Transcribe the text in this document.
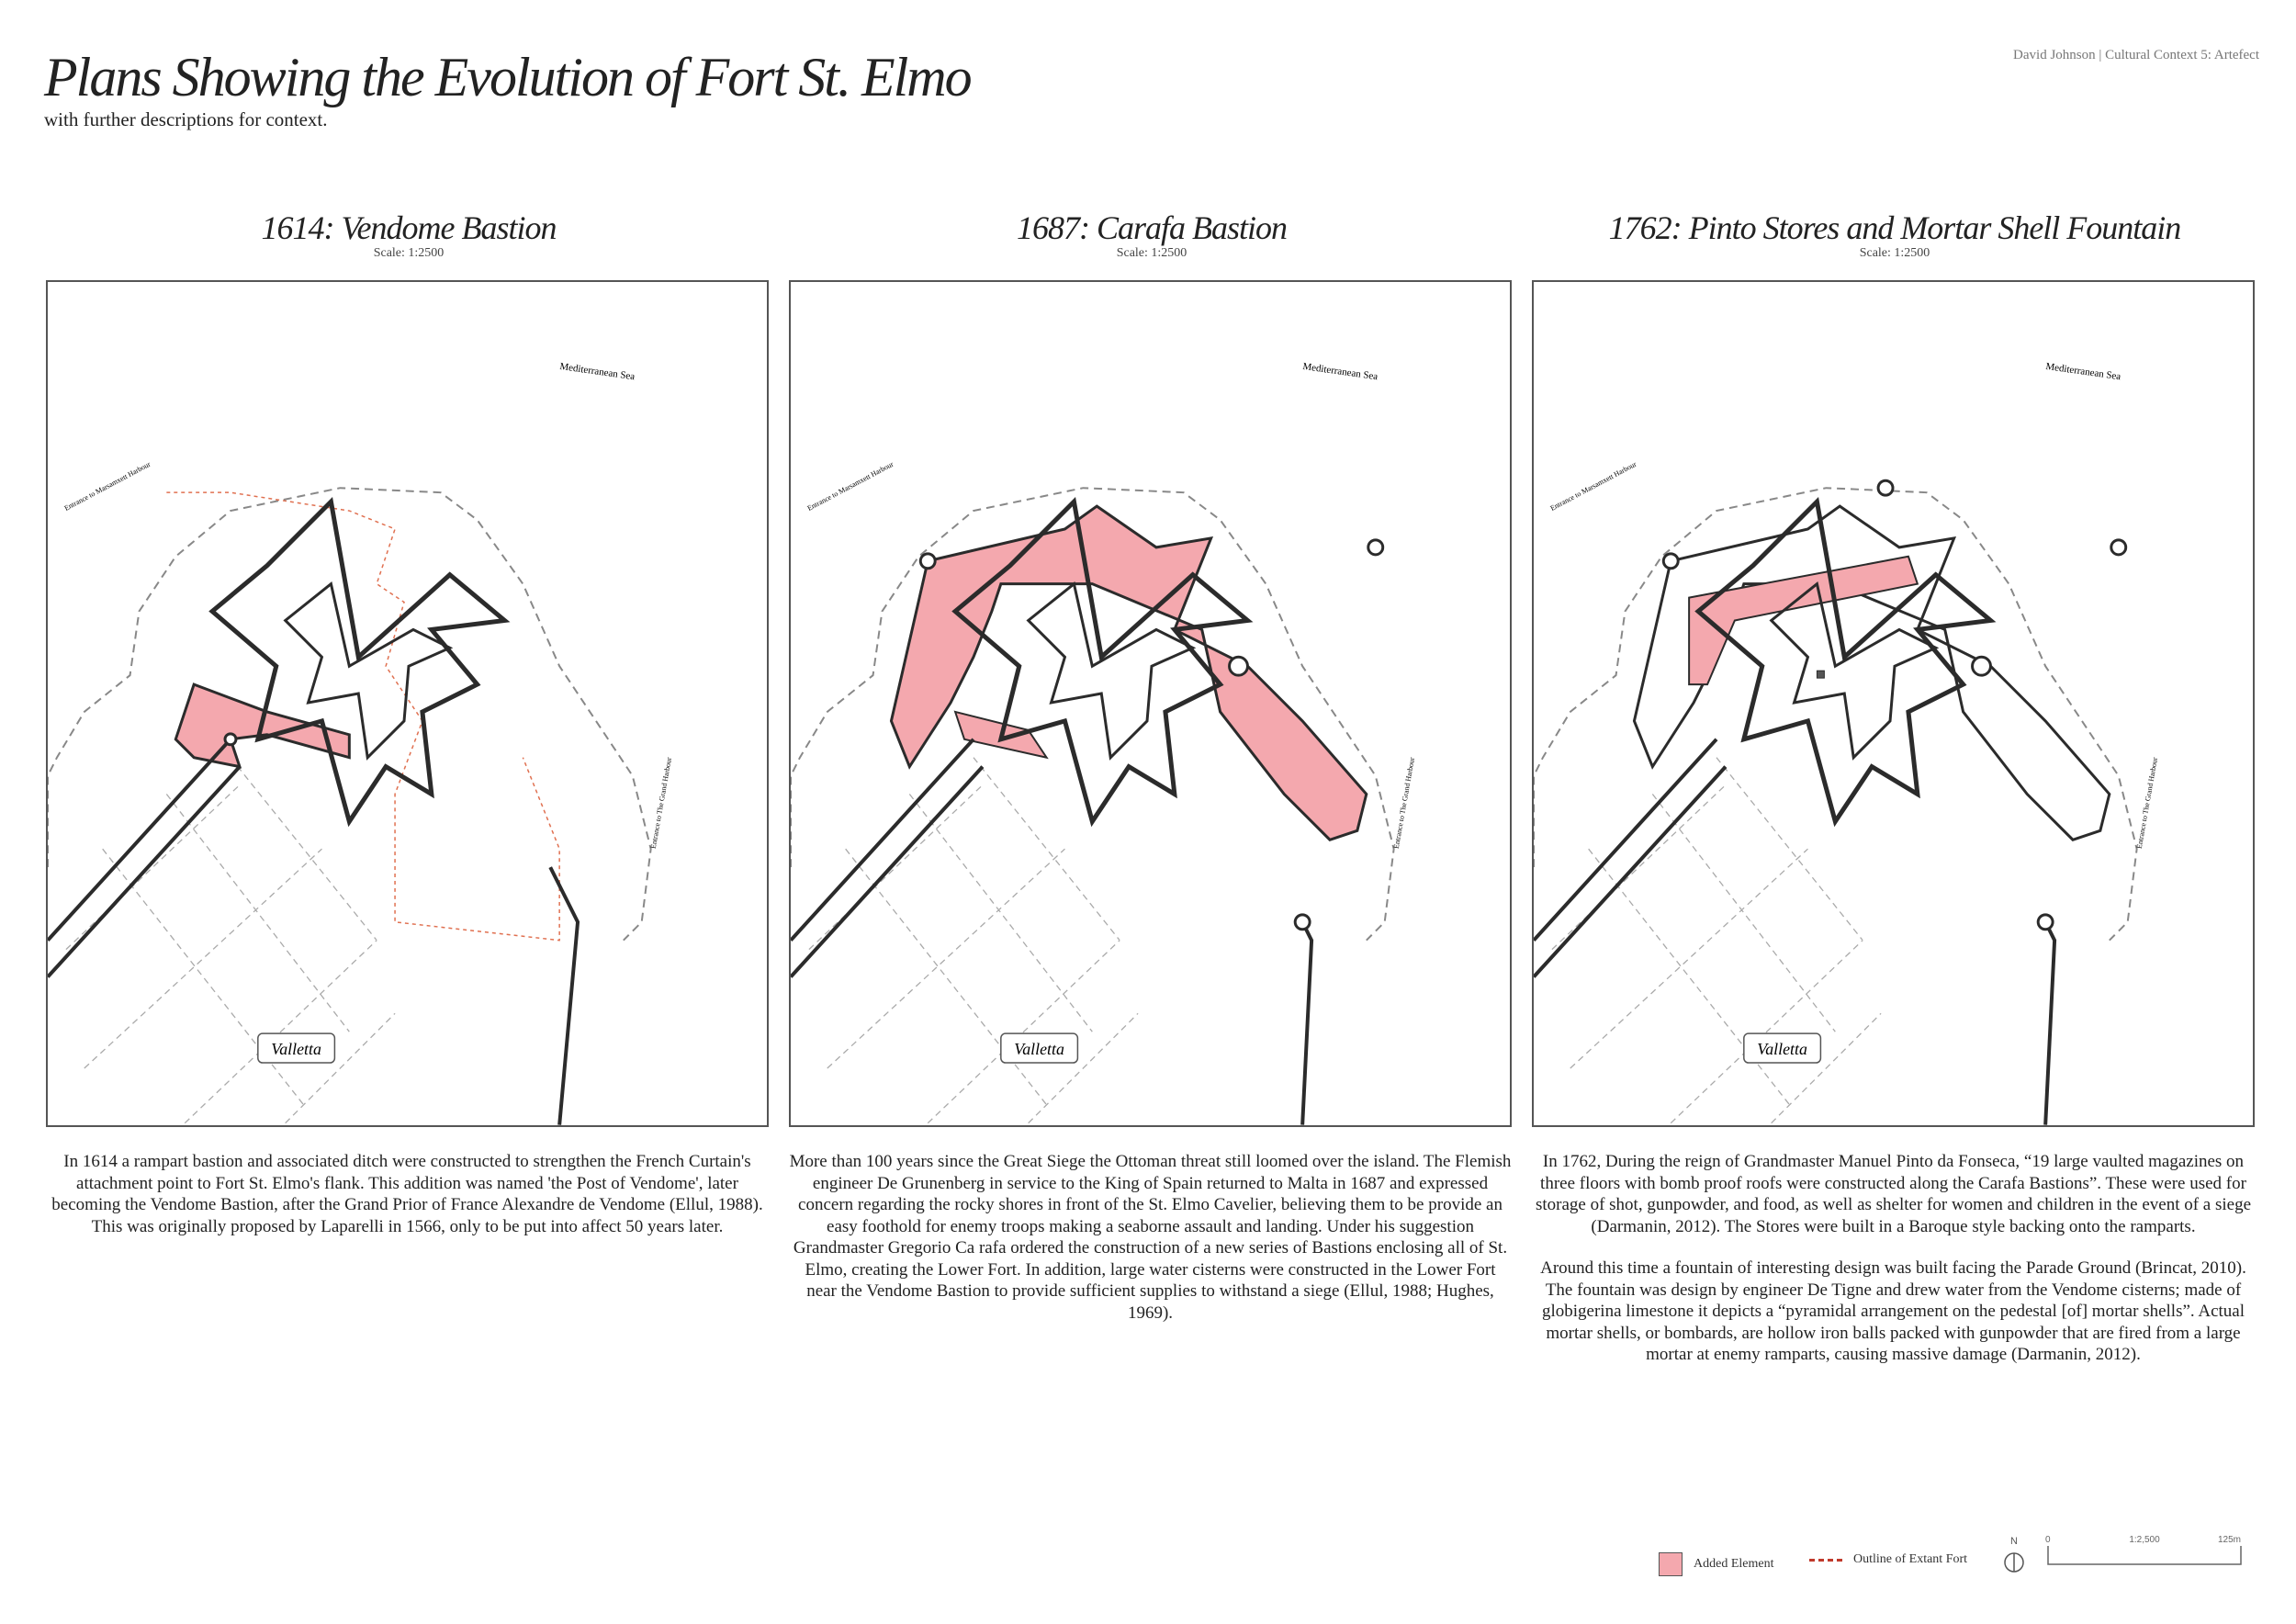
Plans Showing the Evolution of Fort St. Elmo
with further descriptions for context.
David Johnson | Cultural Context 5: Artefect
1614: Vendome Bastion
Scale: 1:2500
1687: Carafa Bastion
Scale: 1:2500
1762: Pinto Stores and Mortar Shell Fountain
Scale: 1:2500
Mediterranean Sea
Entrance to Marsamxett Harbour
Entrance to The Grand Harbour
Valletta
Mediterranean Sea
Entrance to Marsamxett Harbour
Entrance to The Grand Harbour
Valletta
Mediterranean Sea
Entrance to Marsamxett Harbour
Entrance to The Grand Harbour
Valletta

In 1614 a rampart bastion and associated ditch were constructed to strengthen the French Curtain's attachment point to Fort St. Elmo's flank. This addition was named 'the Post of Vendome', later becoming the Vendome Bastion, after the Grand Prior of France Alexandre de Vendome (Ellul, 1988). This was originally proposed by Laparelli in 1566, only to be put into affect 50 years later.

More than 100 years since the Great Siege the Ottoman threat still loomed over the island. The Flemish engineer De Grunenberg in service to the King of Spain returned to Malta in 1687 and expressed concern regarding the rocky shores in front of the St. Elmo Cavelier, believing them to be provide an easy foothold for enemy troops making a seaborne assault and landing. Under his suggestion Grandmaster Gregorio Ca rafa ordered the construction of a new series of Bastions enclosing all of St. Elmo, creating the Lower Fort. In addition, large water cisterns were constructed in the Lower Fort near the Vendome Bastion to provide sufficient supplies to withstand a siege (Ellul, 1988; Hughes, 1969).

In 1762, During the reign of Grandmaster Manuel Pinto da Fonseca, “19 large vaulted magazines on three floors with bomb proof roofs were constructed along the Carafa Bastions”. These were used for storage of shot, gunpowder, and food, as well as shelter for women and children in the event of a siege (Darmanin, 2012). The Stores were built in a Baroque style backing onto the ramparts.

Around this time a fountain of interesting design was built facing the Parade Ground (Brincat, 2010). The fountain was design by engineer De Tigne and drew water from the Vendome cisterns; made of globigerina limestone it depicts a “pyramidal arrangement on the pedestal [of] mortar shells”. Actual mortar shells, or bombards, are hollow iron balls packed with gunpowder that are fired from a large mortar at enemy ramparts, causing massive damage (Darmanin, 2012).

Added Element	Outline of Extant Fort
N	0	1:2,500	125m
